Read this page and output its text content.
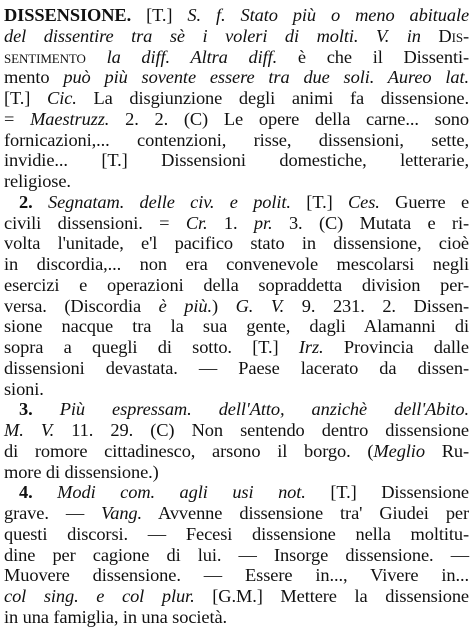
DISSENSIONE. [T.] S. f. Stato più o meno abituale
del dissentire tra sè i voleri di molti. V. in Dis-
sentimento la diff. Altra diff. è che il Dissenti-
mento può più sovente essere tra due soli. Aureo lat.
[T.] Cic. La disgiunzione degli animi fa dissensione.
= Maestruzz. 2. 2. (C) Le opere della carne... sono
fornicazioni,... contenzioni, risse, dissensioni, sette,
invidie... [T.] Dissensioni domestiche, letterarie,
religiose.
2. Segnatam. delle civ. e polit. [T.] Ces. Guerre e
civili dissensioni. = Cr. 1. pr. 3. (C) Mutata e ri-
volta l'unitade, e'l pacifico stato in dissensione, cioè
in discordia,... non era convenevole mescolarsi negli
esercizi e operazioni della sopraddetta division per-
versa. (Discordia è più.) G. V. 9. 231. 2. Dissen-
sione nacque tra la sua gente, dagli Alamanni di
sopra a quegli di sotto. [T.] Irz. Provincia dalle
dissensioni devastata. — Paese lacerato da dissen-
sioni.
3. Più espressam. dell'Atto, anzichè dell'Abito.
M. V. 11. 29. (C) Non sentendo dentro dissensione
di romore cittadinesco, arsono il borgo. (Meglio Ru-
more di dissensione.)
4. Modi com. agli usi not. [T.] Dissensione
grave. — Vang. Avvenne dissensione tra' Giudei per
questi discorsi. — Fecesi dissensione nella moltitu-
dine per cagione di lui. — Insorge dissensione. —
Muovere dissensione. — Essere in..., Vivere in...
col sing. e col plur. [G.M.] Mettere la dissensione
in una famiglia, in una società.
